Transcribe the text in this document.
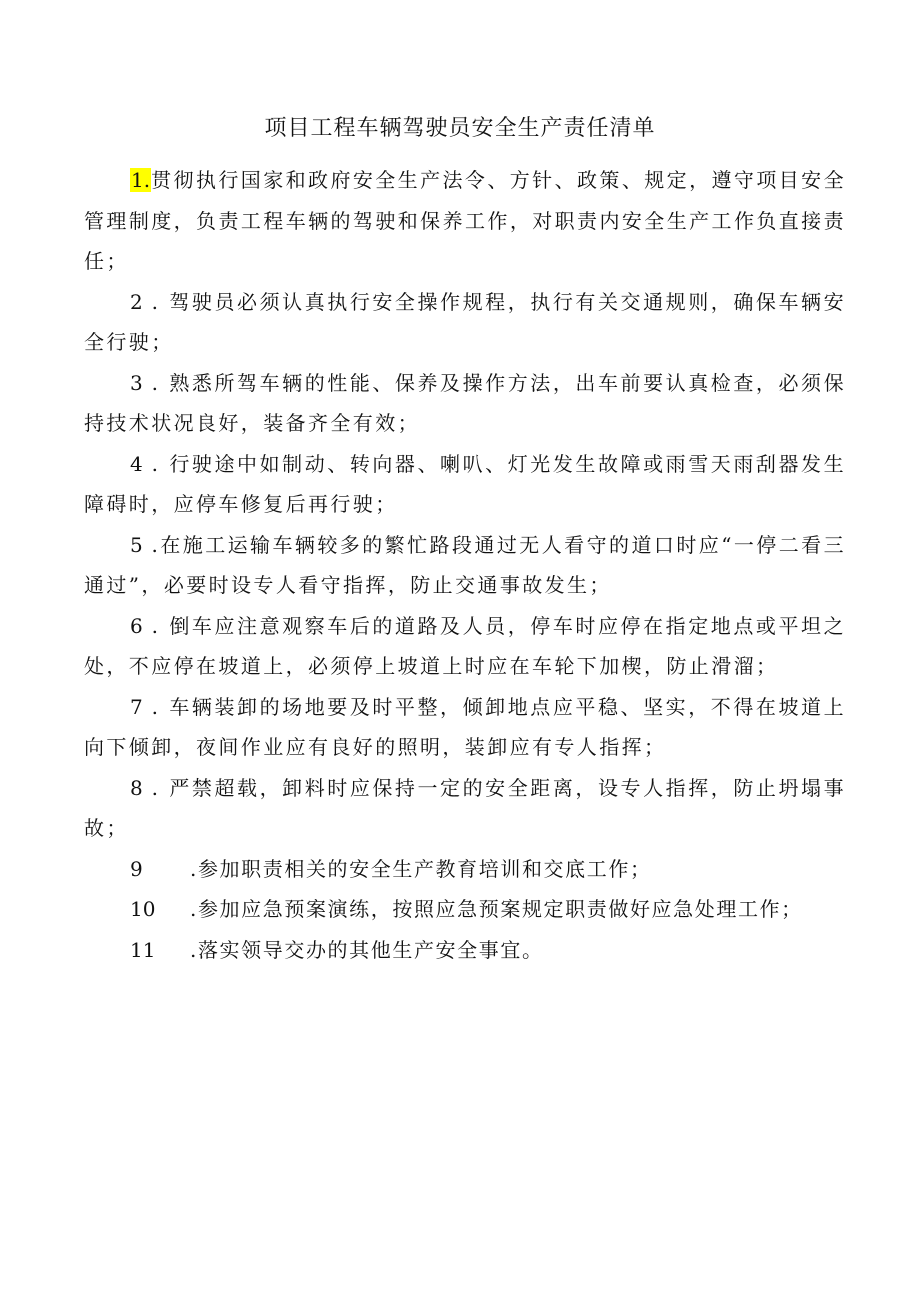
项目工程车辆驾驶员安全生产责任清单

1.贯彻执行国家和政府安全生产法令、方针、政策、规定，遵守项目安全管理制度，负责工程车辆的驾驶和保养工作，对职责内安全生产工作负直接责任；

2 . 驾驶员必须认真执行安全操作规程，执行有关交通规则，确保车辆安全行驶；

3 . 熟悉所驾车辆的性能、保养及操作方法，出车前要认真检查，必须保持技术状况良好，装备齐全有效；

4 . 行驶途中如制动、转向器、喇叭、灯光发生故障或雨雪天雨刮器发生障碍时，应停车修复后再行驶；

5 .在施工运输车辆较多的繁忙路段通过无人看守的道口时应“一停二看三通过”，必要时设专人看守指挥，防止交通事故发生；

6 . 倒车应注意观察车后的道路及人员，停车时应停在指定地点或平坦之处，不应停在坡道上，必须停上坡道上时应在车轮下加楔，防止滑溜；

7 . 车辆装卸的场地要及时平整，倾卸地点应平稳、坚实，不得在坡道上向下倾卸，夜间作业应有良好的照明，装卸应有专人指挥；

8 . 严禁超载，卸料时应保持一定的安全距离，设专人指挥，防止坍塌事故；

9 .参加职责相关的安全生产教育培训和交底工作；

10 .参加应急预案演练，按照应急预案规定职责做好应急处理工作；

11 .落实领导交办的其他生产安全事宜。
